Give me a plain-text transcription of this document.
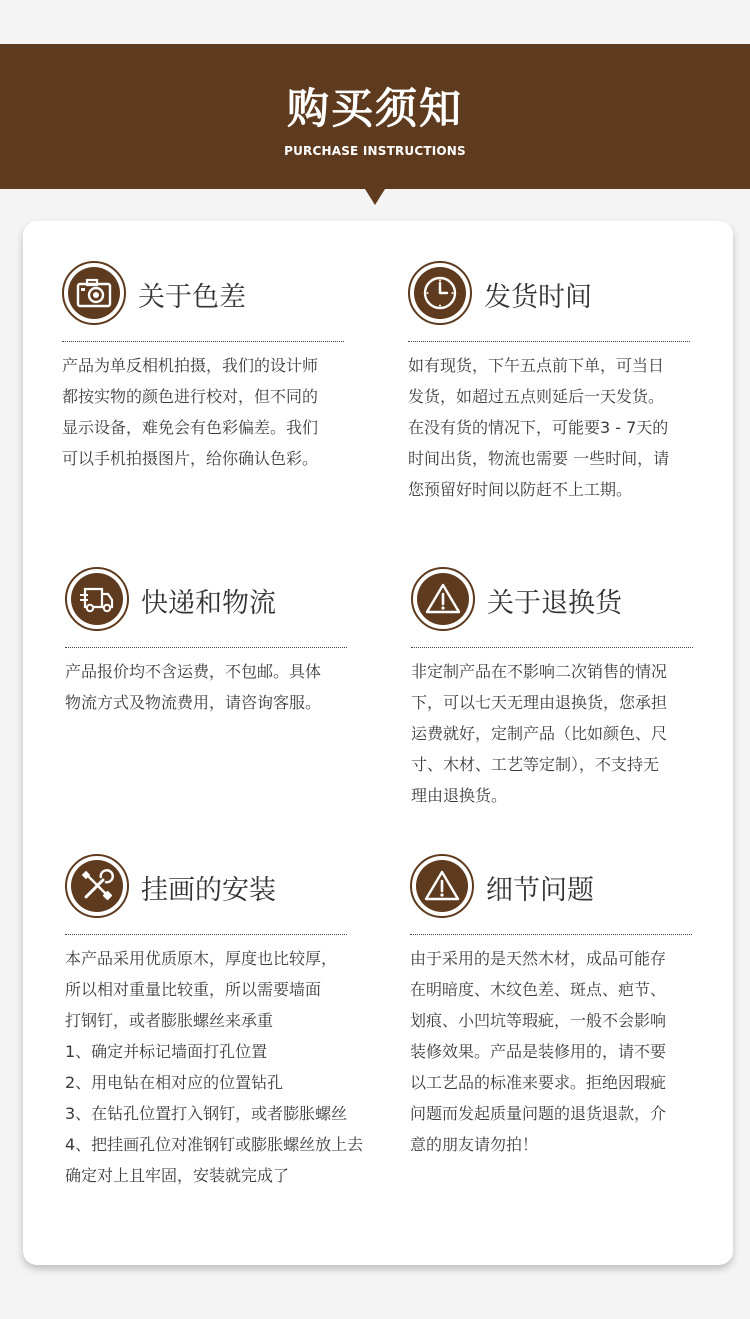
购买须知
PURCHASE INSTRUCTIONS
关于色差
产品为单反相机拍摄，我们的设计师
都按实物的颜色进行校对，但不同的
显示设备，难免会有色彩偏差。我们
可以手机拍摄图片，给你确认色彩。
发货时间
如有现货，下午五点前下单，可当日
发货，如超过五点则延后一天发货。
在没有货的情况下，可能要3 - 7天的
时间出货，物流也需要 一些时间，请
您预留好时间以防赶不上工期。
快递和物流
产品报价均不含运费，不包邮。具体
物流方式及物流费用，请咨询客服。
关于退换货
非定制产品在不影响二次销售的情况
下，可以七天无理由退换货，您承担
运费就好，定制产品（比如颜色、尺
寸、木材、工艺等定制），不支持无
理由退换货。
挂画的安装
本产品采用优质原木，厚度也比较厚，
所以相对重量比较重，所以需要墙面
打钢钉，或者膨胀螺丝来承重
1、确定并标记墙面打孔位置
2、用电钻在相对应的位置钻孔
3、在钻孔位置打入钢钉，或者膨胀螺丝
4、把挂画孔位对准钢钉或膨胀螺丝放上去
确定对上且牢固，安装就完成了
细节问题
由于采用的是天然木材，成品可能存
在明暗度、木纹色差、斑点、疤节、
划痕、小凹坑等瑕疵，一般不会影响
装修效果。产品是装修用的，请不要
以工艺品的标准来要求。拒绝因瑕疵
问题而发起质量问题的退货退款，介
意的朋友请勿拍！
